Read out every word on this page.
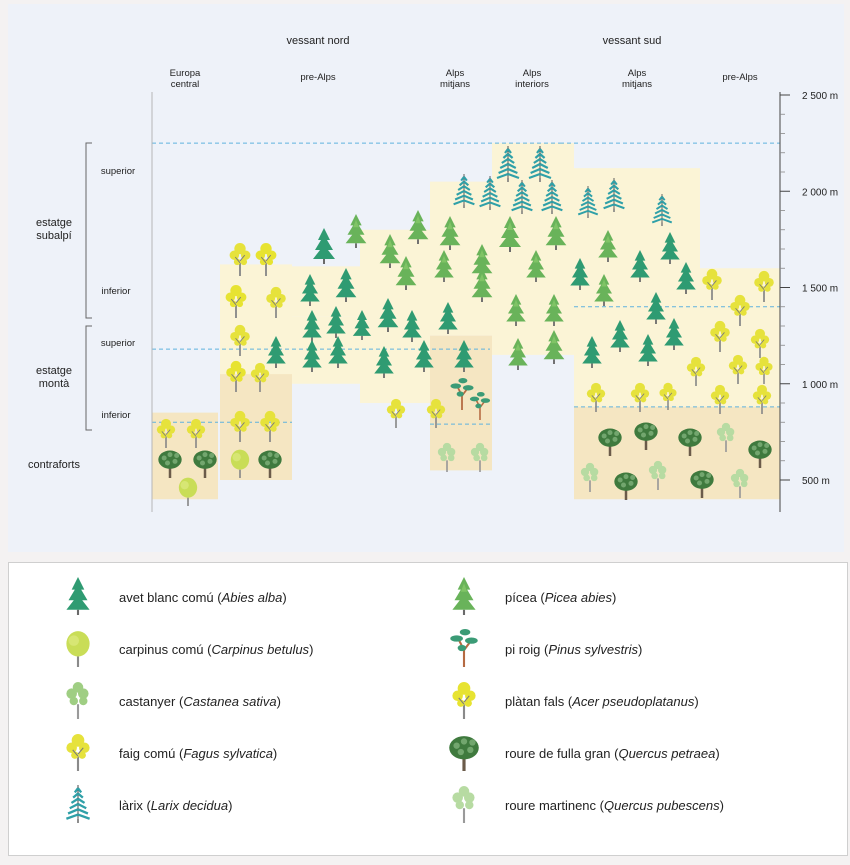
2 500 m
2 000 m
1 500 m
1 000 m
500 m
vessant nord	vessant sud
Europa central
pre-Alps	Alps mitjans
Alps interiors
Alps mitjans
pre-Alps
estatge subalpí
estatge montà
contraforts
superior
inferior
superior
inferior
avet blanc comú (Abies alba)	pícea (Picea abies)
carpinus comú (Carpinus betulus)	pi roig (Pinus sylvestris)
castanyer (Castanea sativa)	plàtan fals (Acer pseudoplatanus)
faig comú (Fagus sylvatica)	roure de fulla gran (Quercus petraea)
làrix (Larix decidua)	roure martinenc (Quercus pubescens)
